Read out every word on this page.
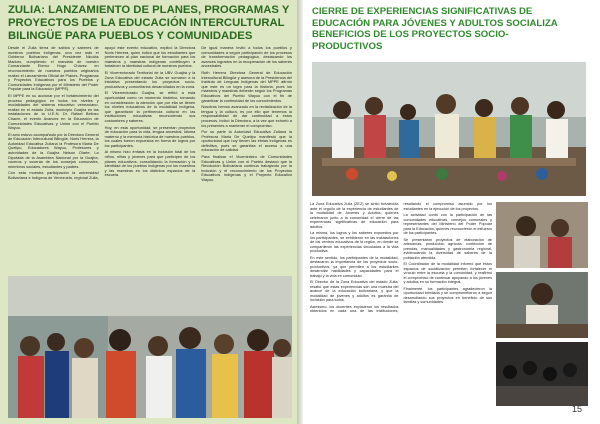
ZULIA: LANZAMIENTO DE PLANES, PROGRAMAS Y PROYECTOS DE LA EDUCACIÓN INTERCULTURAL BILINGÜE PARA PUEBLOS Y COMUNIDADES

Desde el Zulia tierra de sabios y saberes de nuestros pueblos indígenas, una vez más el Gobierno Bolivariano del Presidente Nicolás Maduro, cumpliendo el mandato de nuestro Comandante Eterno Hugo Chávez en reconocimiento de nuestros pueblos originarios realizó el Lanzamiento Oficial de Planes, Programas y Proyectos Educativos para los Pueblos y Comunidades Indígenas por el Ministerio del Poder Popular para la Educación (MPPE).

El MPPE en su accionar por el fortalecimiento del proceso pedagógico en todos los niveles y modalidades del sistema educativo venezolano, realizó en el estado Zulia, municipio Guajira en las instalaciones de la U.E.N. Dr. Rafael Belloso Chacín, el evento Avances en la Educación de Comunidades Educativas y Unión con el Pueblo Wayuu.

El acto estuvo acompañado por la Directora General de Educación Intercultural Bilingüe, Noris Herrera, la Autoridad Educativa Zuliana la Profesora Maria De Quelipu, Educadores Wayuu, Profesores y autoridades de la Guajira Nelson Olarte, La Diputada de la Asamblea Nacional por la Guajira, voceros y voceras de los consejos comunales, miembros sociales, estudiantes y padres.

Con esta muestra participación la universidad Bolivariana e Indígena de Venezuela, regional Zulia, apoyó este evento educativo, explicó la Directora Noris Herrera, quien indicó que los estudiantes que pertenecen al plan nacional de formación para los maestros y maestras indígenas contribuyen a fortalecer la identidad cultural de nuestros pueblos.

El Vicerrectorado Territorial de la UBV Guajira y la Zona Educativa del estado Zulia se sumaron a la iniciativa presentando los proyectos socio-productivos y comunitarios desarrollados en la zona.

El Vicerrectorado Guajira, se refirió a esta oportunidad como un momento histórico, tomando en consideración la atención que por ella se tienen los niveles educativos de la modalidad indígena, que garantizan la pertinencia cultural en las instituciones educativas reconociendo sus costumbres y saberes.

Hoy, en esta oportunidad, se presentan proyectos de educación para la vida, lengua ancestral, idioma materno y la memoria histórica de nuestros pueblos, los cuales fueron expuestos en forma de logros por los participantes.

Al mismo hizo énfasis en la inclusión total de los niños, niñas y jóvenes para que participen de los planes educativos, consolidando la formación y la identidad de los pueblos indígenas por los maestros y las maestras en los distintos espacios de la escuela.

De igual manera invitó a todos los pueblos y comunidades a seguir participando de los procesos de transformación pedagógica, destacando los avances logrados en la recuperación de los saberes ancestrales.

Ruth Herrera Directora General de Educación Intercultural Bilingüe y asesora de la Presidencia del Instituto de Lenguas Indígenas del MPPE afirmó que este es un logro para la historia, pues los maestros y maestras deberán seguir los Programas Educativos del Pueblo Wayuu con el fin de garantizar la continuidad de los conocimientos.

Nosotros hemos avanzado en la revitalización de la lengua y la cultura, es por ello que tenemos la responsabilidad de dar continuidad a estos procesos, indicó la Directora, a la vez que exhortó a los presentes a mantener el compromiso.

Por su parte la Autoridad Educativa Zuliana la Profesora Maria De Quelipu manifestó que la oportunidad que hoy tienen las etnias indígenas es definitiva, pues se garantiza el acceso a una educación de calidad.

Para finalizar el Viceministro de Comunidades Educativas y Unión con el Pueblo destacó que la Revolución Bolivariana continúa trabajando por la inclusión y el reconocimiento de los Proyectos Educativos Indígenas y el Proyecto Educativo Wayuu.

CIERRE DE EXPERIENCIAS SIGNIFICATIVAS DE EDUCACIÓN PARA JÓVENES Y ADULTOS SOCIALIZA BENEFICIOS DE LOS PROYECTOS SOCIO-PRODUCTIVOS

La Zona Educativa Zulia (ZEZ) se sintió fortalecida ante el orgullo de la experiencia de estudiantes de la modalidad de Jóvenes y Adultos, quienes celebraron junto a la comunidad el cierre de las experiencias significativas de educación para adultos.

La misma, los logros y los saberes expuestos por los participantes, se exhibieron en las instalaciones de los centros educativos de la región, en donde se compartieron las experiencias vinculadas a la vida productiva.

En este sentido, los participantes de la modalidad, destacaron la importancia de los proyectos socio-productivos, ya que permiten a los estudiantes desarrollar habilidades y capacidades para el trabajo y la vida en comunidad.

El Director de la Zona Educativa del estado Zulia, resaltó que estas experiencias son una muestra del avance de la educación bolivariana, y que la modalidad de jóvenes y adultos es garantía de inclusión para todos.

Asimismo, los docentes expusieron los resultados obtenidos en cada una de las instituciones, resaltando el compromiso asumido por los estudiantes en la ejecución de los proyectos.

La actividad contó con la participación de las comunidades educativas, consejos comunales y representantes del Ministerio del Poder Popular para la Educación, quienes reconocieron el esfuerzo de los participantes.

Se presentaron proyectos de elaboración de artesanías, producción agrícola, confección de prendas, manualidades y gastronomía regional, evidenciando la diversidad de saberes de la población atendida.

El Coordinador de la modalidad informó que estos espacios de socialización permiten fortalecer el vínculo entre la escuela y la comunidad, y reafirmó el compromiso de continuar apoyando a los jóvenes y adultos en su formación integral.

Finalmente, los participantes agradecieron la oportunidad brindada y se comprometieron a seguir desarrollando sus proyectos en beneficio de sus familias y comunidades.

15
